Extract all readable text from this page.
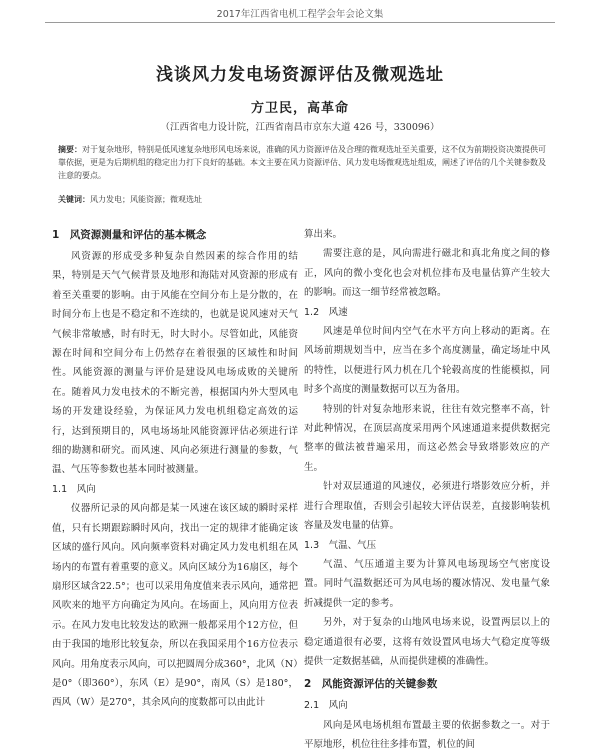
2017年江西省电机工程学会年会论文集
浅谈风力发电场资源评估及微观选址
方卫民，高革命
（江西省电力设计院，江西省南昌市京东大道 426 号，330096）
摘要：对于复杂地形，特别是低风速复杂地形风电场来说，准确的风力资源评估及合理的微观选址至关重要，这不仅为前期投资决策提供可靠依据，更是为后期机组的稳定出力打下良好的基础。本文主要在风力资源评估、风力发电场微观选址组成，阐述了评估的几个关键参数及注意的要点。
关键词：风力发电；风能资源；微观选址
1　风资源测量和评估的基本概念

风资源的形成受多种复杂自然因素的综合作用的结果，特别是天气气候背景及地形和海陆对风资源的形成有着至关重要的影响。由于风能在空间分布上是分散的，在时间分布上也是不稳定和不连续的，也就是说风速对天气气候非常敏感，时有时无，时大时小。尽管如此，风能资源在时间和空间分布上仍然存在着很强的区域性和时间性。风能资源的测量与评价是建设风电场成败的关键所在。随着风力发电技术的不断完善，根据国内外大型风电场的开发建设经验，为保证风力发电机组稳定高效的运行，达到预期目的，风电场场址风能资源评估必须进行详细的勘测和研究。而风速、风向必须进行测量的参数，气温、气压等参数也基本同时被测量。

1.1　风向

仪器所记录的风向都是某一风速在该区域的瞬时采样值，只有长期跟踪瞬时风向，找出一定的规律才能确定该区域的盛行风向。风向频率资料对确定风力发电机组在风场内的布置有着重要的意义。风向区域分为16扇区，每个扇形区域含22.5°；也可以采用角度值来表示风向，通常把风吹来的地平方向确定为风向。在场面上，风向用方位表示。在风力发电比较发达的欧洲一般都采用个12方位，但由于我国的地形比较复杂，所以在我国采用个16方位表示风向。用角度表示风向，可以把圆周分成360°，北风（N）是0°（即360°），东风（E）是90°，南风（S）是180°，西风（W）是270°，其余风向的度数都可以由此计

算出来。

需要注意的是，风向需进行磁北和真北角度之间的修正，风向的微小变化也会对机位排布及电量估算产生较大的影响。而这一细节经常被忽略。

1.2　风速

风速是单位时间内空气在水平方向上移动的距离。在风场前期规划当中，应当在多个高度测量，确定场址中风的特性，以便进行风力机在几个轮毂高度的性能模拟，同时多个高度的测量数据可以互为备用。

特别的针对复杂地形来说，往往有效完整率不高，针对此种情况，在顶层高度采用两个风速通道来提供数据完整率的做法被普遍采用，而这必然会导致塔影效应的产生。

针对双层通道的风速仪，必须进行塔影效应分析，并进行合理取值，否则会引起较大评估误差，直接影响装机容量及发电量的估算。

1.3　气温、气压

气温、气压通道主要为计算风电场现场空气密度设置。同时气温数据还可为风电场的覆冰情况、发电量气象折减提供一定的参考。

另外，对于复杂的山地风电场来说，设置两层以上的稳定通道很有必要，这将有效设置风电场大气稳定度等级提供一定数据基础，从而提供建模的准确性。

2　风能资源评估的关键参数

2.1　风向

风向是风电场机组布置最主要的依据参数之一。对于平原地形，机位往往多排布置，机位的间
